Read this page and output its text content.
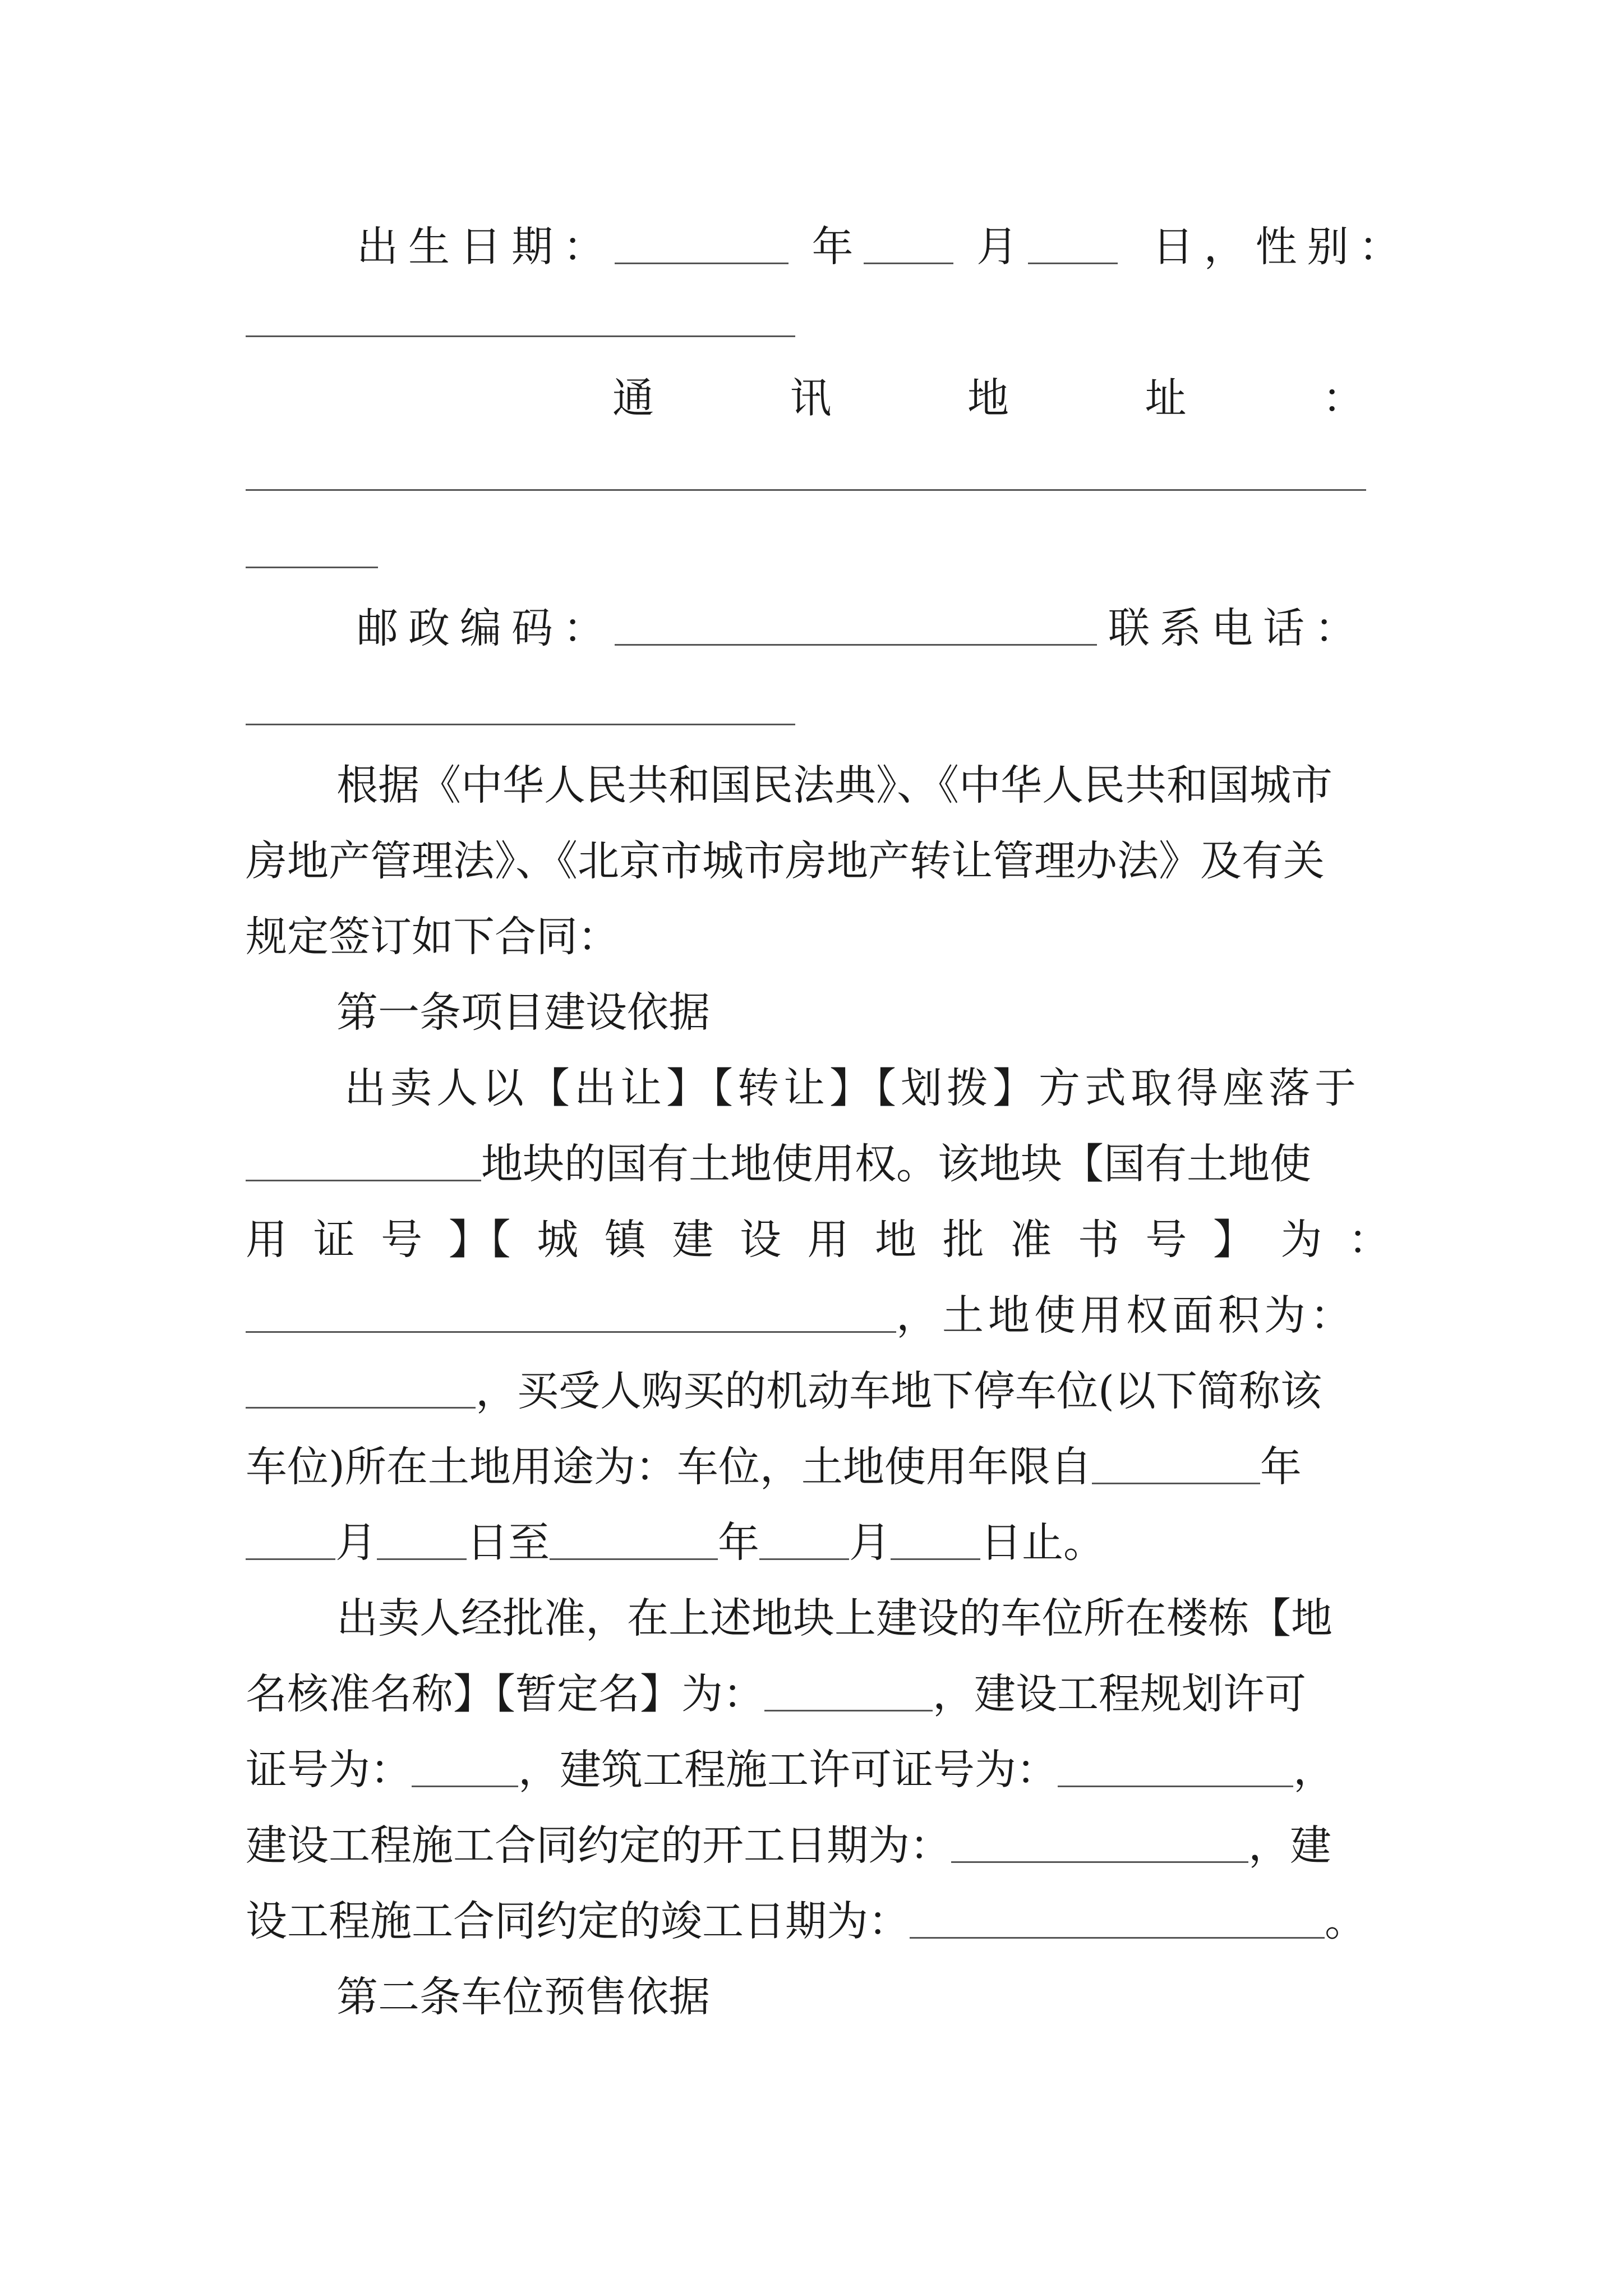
出生日期：	年	月	日，性别：
通	讯	地	址	：
邮政编码：	联系电话：
根据《中华人民共和国民法典》、《中华人民共和国城市
房地产管理法》、《北京市城市房地产转让管理办法》及有关
规定签订如下合同：
第一条项目建设依据
出卖人以【出让】【转让】【划拨】方式取得座落于
地块的国有土地使用权。该地块【国有土地使
用 证 号 】【 城 镇 建 设 用 地 批 准 书 号 】 为 ：
，土地使用权面积为：
，买受人购买的机动车地下停车位(以下简称该
车位)所在土地用途为：车位，土地使用年限自	年
月 日至	年 月 日止。
出卖人经批准，在上述地块上建设的车位所在楼栋【地
名核准名称】【暂定名】为：	，建设工程规划许可
证号为：	，建筑工程施工许可证号为：	，
建设工程施工合同约定的开工日期为：	，建
设工程施工合同约定的竣工日期为：	。
第二条车位预售依据
